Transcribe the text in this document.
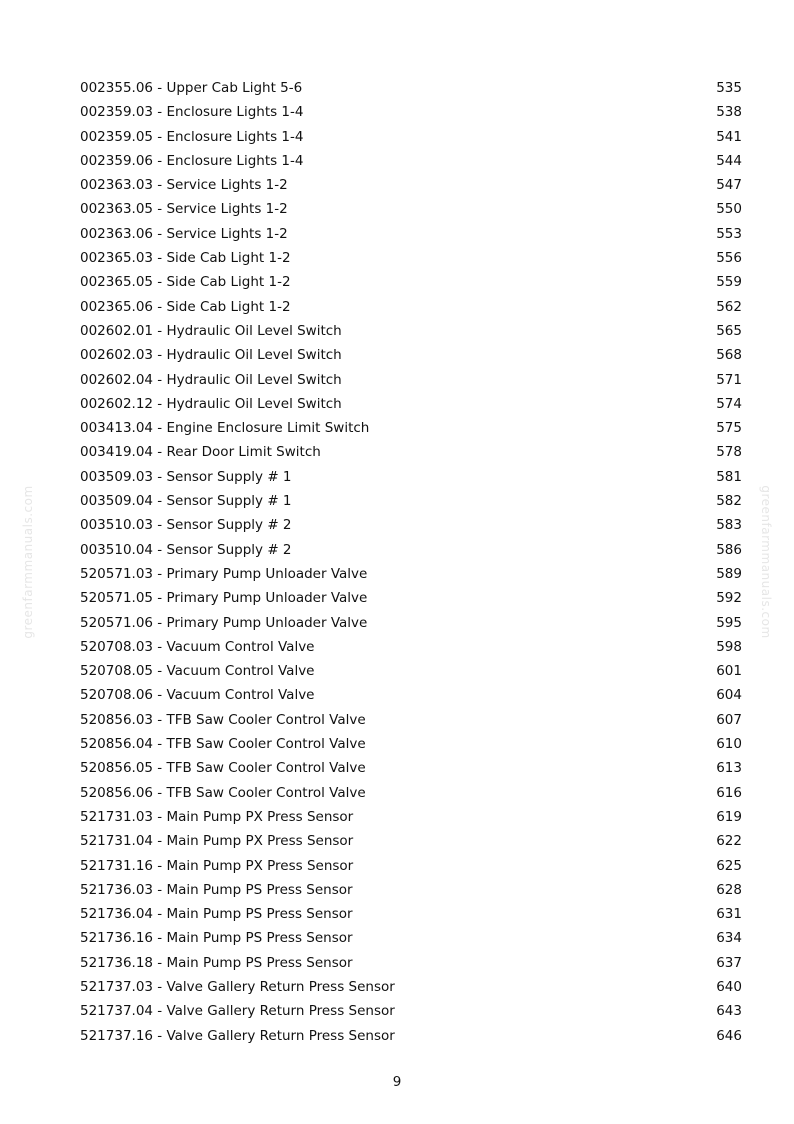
greenfarmmanuals.com	greenfarmmanuals.com
002355.06 - Upper Cab Light 5-6	535
002359.03 - Enclosure Lights 1-4	538
002359.05 - Enclosure Lights 1-4	541
002359.06 - Enclosure Lights 1-4	544
002363.03 - Service Lights 1-2	547
002363.05 - Service Lights 1-2	550
002363.06 - Service Lights 1-2	553
002365.03 - Side Cab Light 1-2	556
002365.05 - Side Cab Light 1-2	559
002365.06 - Side Cab Light 1-2	562
002602.01 - Hydraulic Oil Level Switch	565
002602.03 - Hydraulic Oil Level Switch	568
002602.04 - Hydraulic Oil Level Switch	571
002602.12 - Hydraulic Oil Level Switch	574
003413.04 - Engine Enclosure Limit Switch	575
003419.04 - Rear Door Limit Switch	578
003509.03 - Sensor Supply # 1	581
003509.04 - Sensor Supply # 1	582
003510.03 - Sensor Supply # 2	583
003510.04 - Sensor Supply # 2	586
520571.03 - Primary Pump Unloader Valve	589
520571.05 - Primary Pump Unloader Valve	592
520571.06 - Primary Pump Unloader Valve	595
520708.03 - Vacuum Control Valve	598
520708.05 - Vacuum Control Valve	601
520708.06 - Vacuum Control Valve	604
520856.03 - TFB Saw Cooler Control Valve	607
520856.04 - TFB Saw Cooler Control Valve	610
520856.05 - TFB Saw Cooler Control Valve	613
520856.06 - TFB Saw Cooler Control Valve	616
521731.03 - Main Pump PX Press Sensor	619
521731.04 - Main Pump PX Press Sensor	622
521731.16 - Main Pump PX Press Sensor	625
521736.03 - Main Pump PS Press Sensor	628
521736.04 - Main Pump PS Press Sensor	631
521736.16 - Main Pump PS Press Sensor	634
521736.18 - Main Pump PS Press Sensor	637
521737.03 - Valve Gallery Return Press Sensor	640
521737.04 - Valve Gallery Return Press Sensor	643
521737.16 - Valve Gallery Return Press Sensor	646
9
